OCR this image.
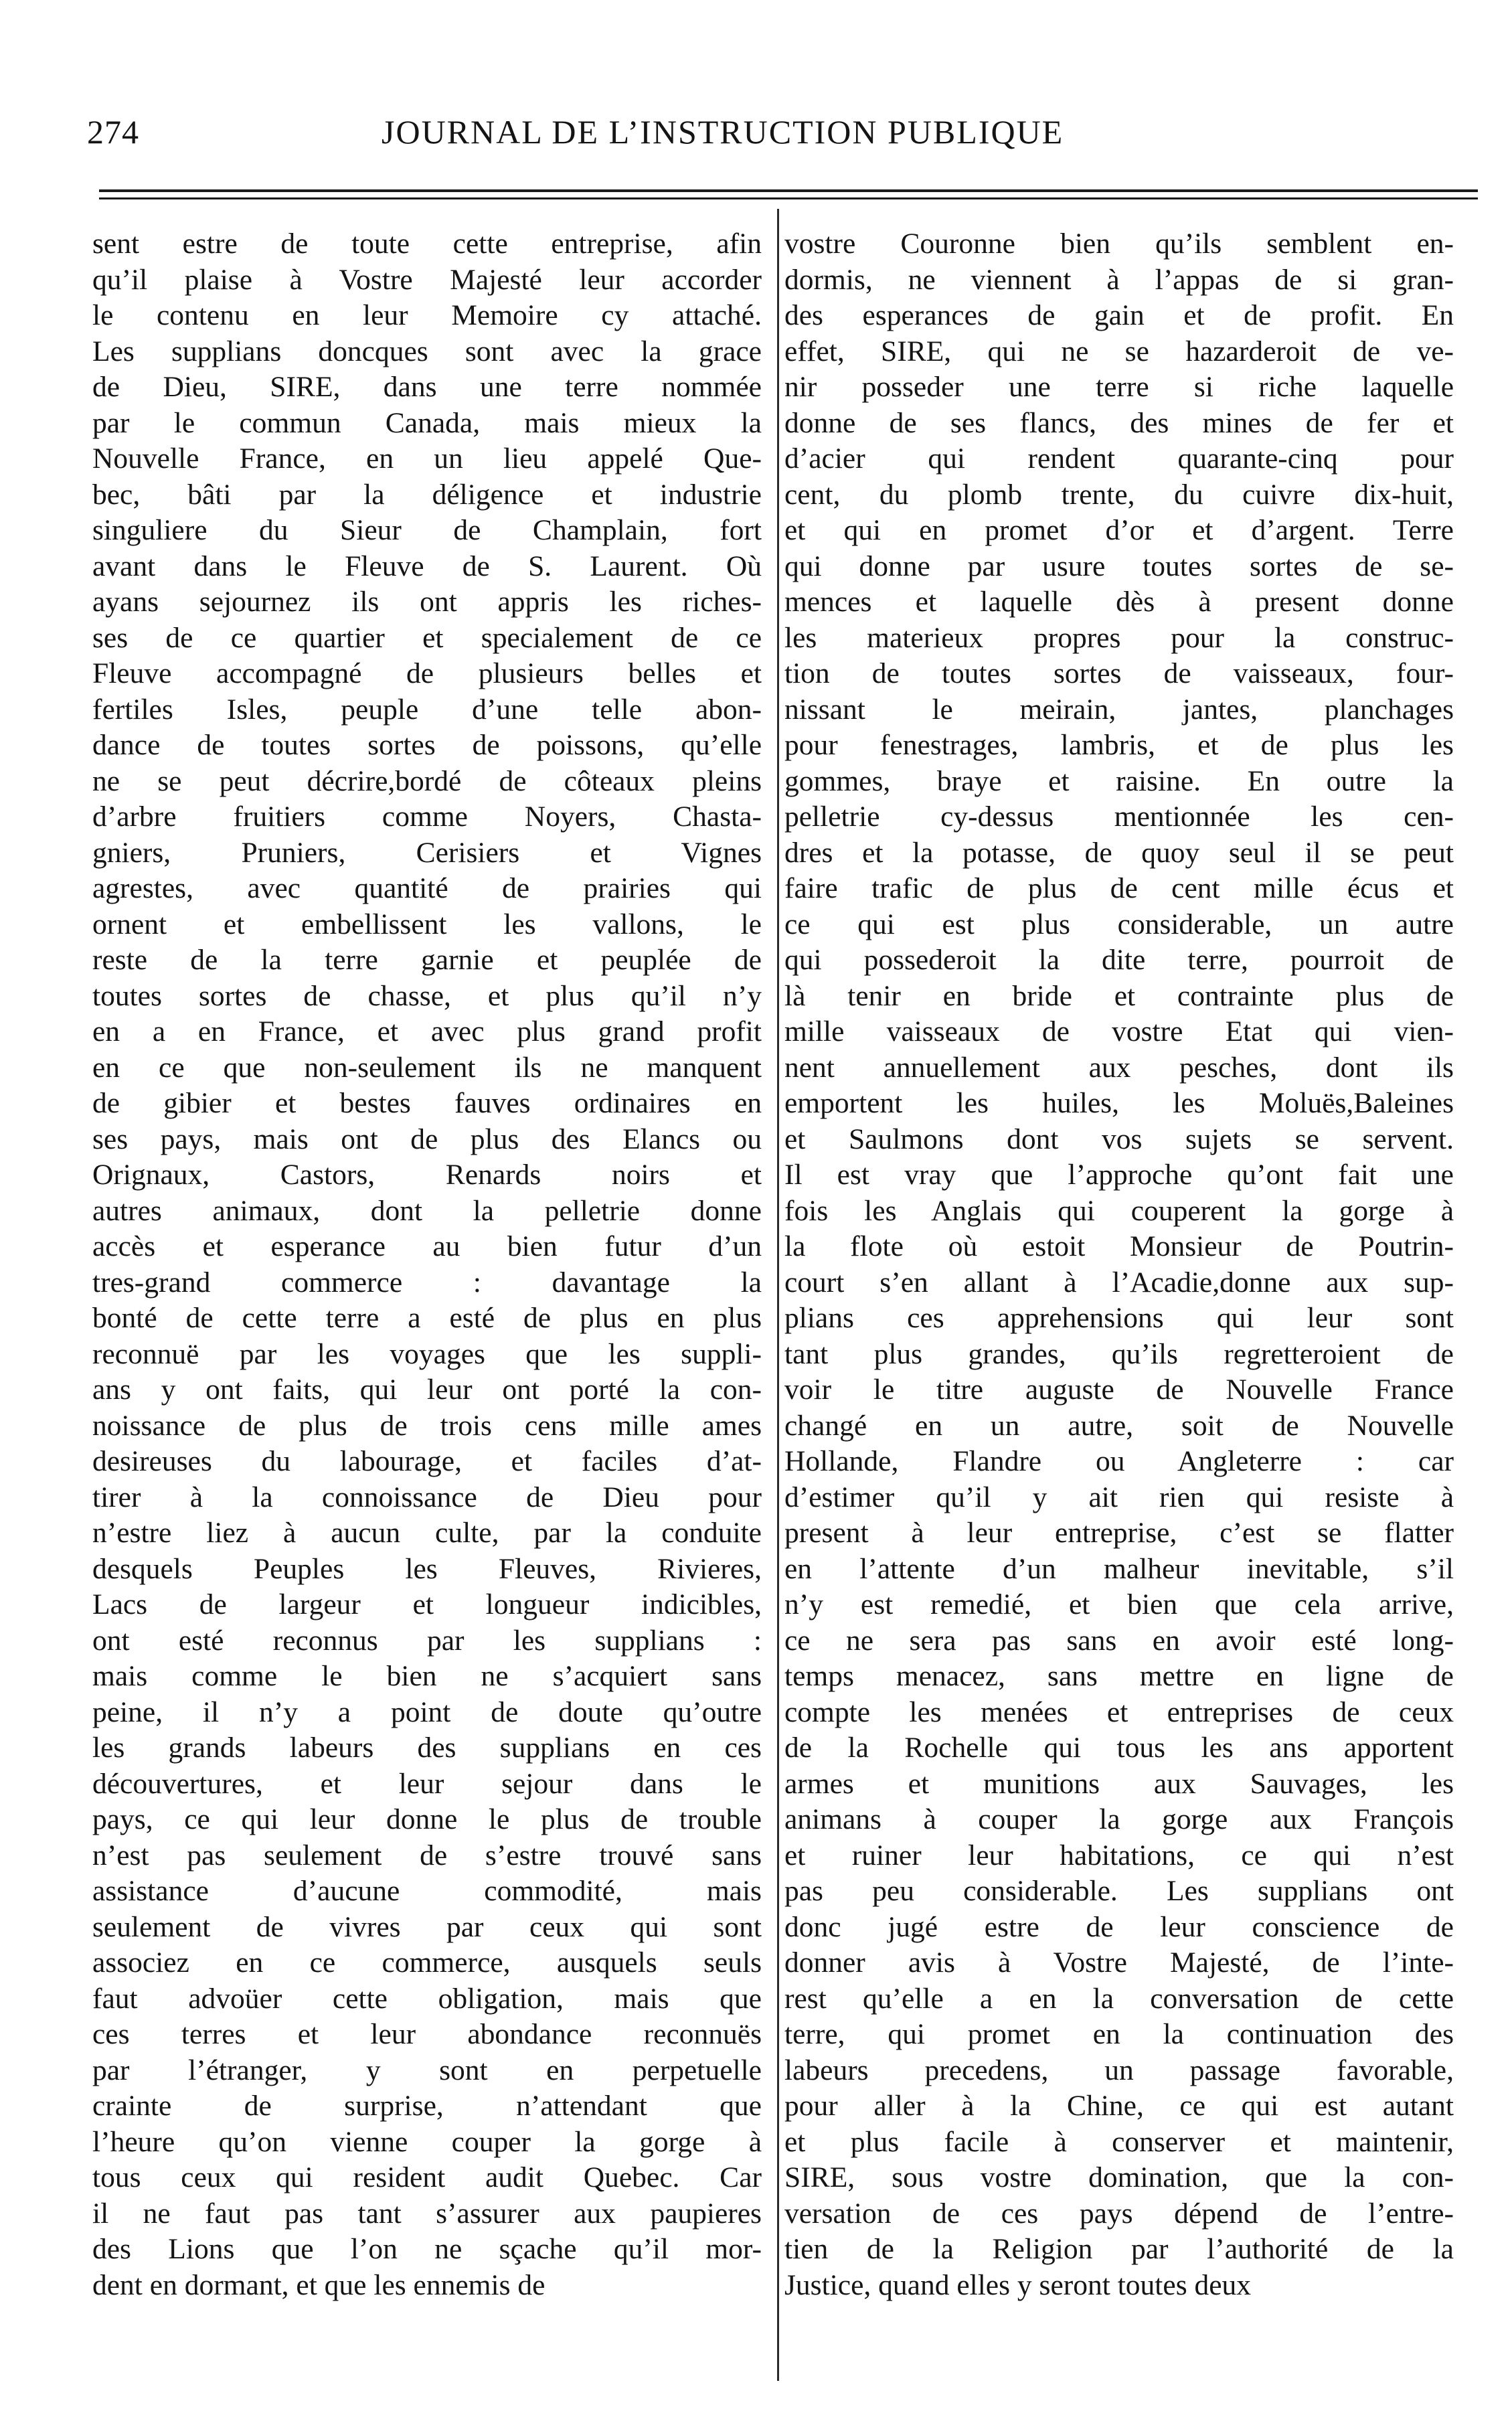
274	JOURNAL DE L’INSTRUCTION PUBLIQUE
sent estre de toute cette entreprise, afin
qu’il plaise à Vostre Majesté leur accorder
le contenu en leur Memoire cy attaché.
Les supplians doncques sont avec la grace
de Dieu, SIRE, dans une terre nommée
par le commun Canada, mais mieux la
Nouvelle France, en un lieu appelé Que-
bec, bâti par la déligence et industrie
singuliere du Sieur de Champlain, fort
avant dans le Fleuve de S. Laurent. Où
ayans sejournez ils ont appris les riches-
ses de ce quartier et specialement de ce
Fleuve accompagné de plusieurs belles et
fertiles Isles, peuple d’une telle abon-
dance de toutes sortes de poissons, qu’elle
ne se peut décrire,bordé de côteaux pleins
d’arbre fruitiers comme Noyers, Chasta-
gniers, Pruniers, Cerisiers et Vignes
agrestes, avec quantité de prairies qui
ornent et embellissent les vallons, le
reste de la terre garnie et peuplée de
toutes sortes de chasse, et plus qu’il n’y
en a en France, et avec plus grand profit
en ce que non-seulement ils ne manquent
de gibier et bestes fauves ordinaires en
ses pays, mais ont de plus des Elancs ou
Orignaux, Castors, Renards noirs et
autres animaux, dont la pelletrie donne
accès et esperance au bien futur d’un
tres-grand commerce : davantage la
bonté de cette terre a esté de plus en plus
reconnuë par les voyages que les suppli-
ans y ont faits, qui leur ont porté la con-
noissance de plus de trois cens mille ames
desireuses du labourage, et faciles d’at-
tirer à la connoissance de Dieu pour
n’estre liez à aucun culte, par la conduite
desquels Peuples les Fleuves, Rivieres,
Lacs de largeur et longueur indicibles,
ont esté reconnus par les supplians :
mais comme le bien ne s’acquiert sans
peine, il n’y a point de doute qu’outre
les grands labeurs des supplians en ces
découvertures, et leur sejour dans le
pays, ce qui leur donne le plus de trouble
n’est pas seulement de s’estre trouvé sans
assistance d’aucune commodité, mais
seulement de vivres par ceux qui sont
associez en ce commerce, ausquels seuls
faut advoüer cette obligation, mais que
ces terres et leur abondance reconnuës
par l’étranger, y sont en perpetuelle
crainte de surprise, n’attendant que
l’heure qu’on vienne couper la gorge à
tous ceux qui resident audit Quebec. Car
il ne faut pas tant s’assurer aux paupieres
des Lions que l’on ne sçache qu’il mor-
dent en dormant, et que les ennemis de
vostre Couronne bien qu’ils semblent en-
dormis, ne viennent à l’appas de si gran-
des esperances de gain et de profit. En
effet, SIRE, qui ne se hazarderoit de ve-
nir posseder une terre si riche laquelle
donne de ses flancs, des mines de fer et
d’acier qui rendent quarante-cinq pour
cent, du plomb trente, du cuivre dix-huit,
et qui en promet d’or et d’argent. Terre
qui donne par usure toutes sortes de se-
mences et laquelle dès à present donne
les materieux propres pour la construc-
tion de toutes sortes de vaisseaux, four-
nissant le meirain, jantes, planchages
pour fenestrages, lambris, et de plus les
gommes, braye et raisine. En outre la
pelletrie cy-dessus mentionnée les cen-
dres et la potasse, de quoy seul il se peut
faire trafic de plus de cent mille écus et
ce qui est plus considerable, un autre
qui possederoit la dite terre, pourroit de
là tenir en bride et contrainte plus de
mille vaisseaux de vostre Etat qui vien-
nent annuellement aux pesches, dont ils
emportent les huiles, les Moluës,Baleines
et Saulmons dont vos sujets se servent.
Il est vray que l’approche qu’ont fait une
fois les Anglais qui couperent la gorge à
la flote où estoit Monsieur de Poutrin-
court s’en allant à l’Acadie,donne aux sup-
plians ces apprehensions qui leur sont
tant plus grandes, qu’ils regretteroient de
voir le titre auguste de Nouvelle France
changé en un autre, soit de Nouvelle
Hollande, Flandre ou Angleterre : car
d’estimer qu’il y ait rien qui resiste à
present à leur entreprise, c’est se flatter
en l’attente d’un malheur inevitable, s’il
n’y est remedié, et bien que cela arrive,
ce ne sera pas sans en avoir esté long-
temps menacez, sans mettre en ligne de
compte les menées et entreprises de ceux
de la Rochelle qui tous les ans apportent
armes et munitions aux Sauvages, les
animans à couper la gorge aux François
et ruiner leur habitations, ce qui n’est
pas peu considerable. Les supplians ont
donc jugé estre de leur conscience de
donner avis à Vostre Majesté, de l’inte-
rest qu’elle a en la conversation de cette
terre, qui promet en la continuation des
labeurs precedens, un passage favorable,
pour aller à la Chine, ce qui est autant
et plus facile à conserver et maintenir,
SIRE, sous vostre domination, que la con-
versation de ces pays dépend de l’entre-
tien de la Religion par l’authorité de la
Justice, quand elles y seront toutes deux
